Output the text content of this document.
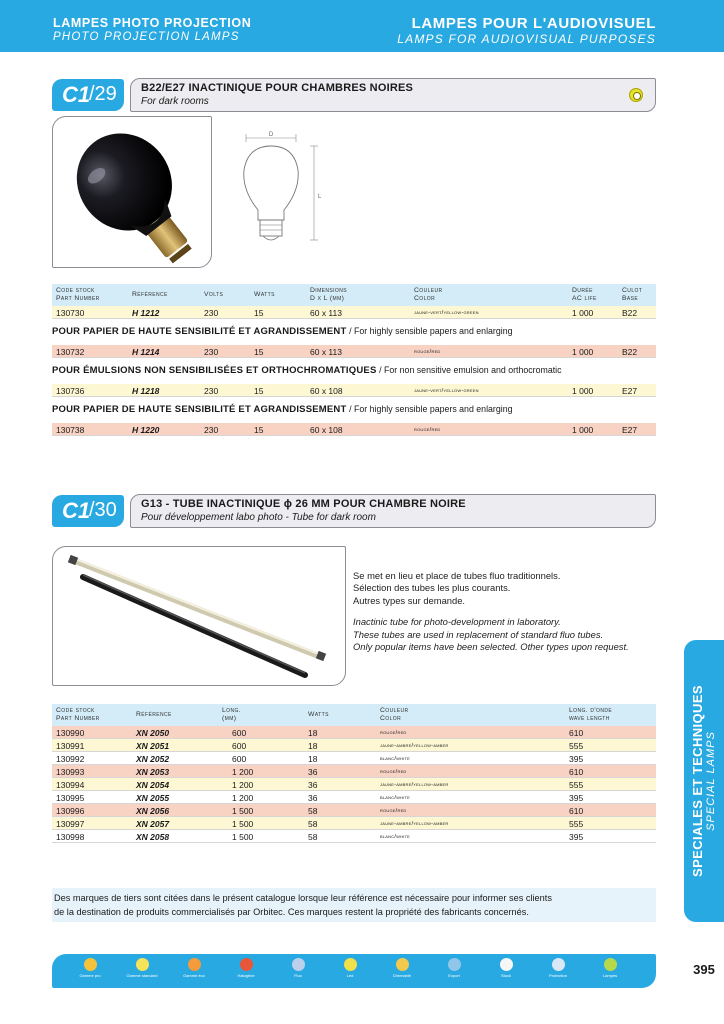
LAMPES PHOTO PROJECTION
PHOTO PROJECTION LAMPS
LAMPES POUR L'AUDIOVISUEL
LAMPS FOR AUDIOVISUAL PURPOSES
C1
/29 B22/E27 INACTINIQUE POUR CHAMBRES NOIRES
For dark rooms
D
L
Code stock
Part Number
Référence	Volts	Watts
Dimensions
D x L (mm)
Couleur
Color
Durée
AC life
Culot
Base
130730	H 1212	230	15	60 x 113	jaune-vert/yellow-green	1 000	B22
POUR PAPIER DE HAUTE SENSIBILITÉ ET AGRANDISSEMENT / For highly sensible papers and enlarging
130732	H 1214	230	15	60 x 113	rouge/red	1 000	B22
POUR ÉMULSIONS NON SENSIBILISÉES ET ORTHOCHROMATIQUES / For non sensitive emulsion and orthocromatic
130736	H 1218	230	15	60 x 108	jaune-vert/yellow-green	1 000	E27
POUR PAPIER DE HAUTE SENSIBILITÉ ET AGRANDISSEMENT / For highly sensible papers and enlarging
130738	H 1220	230	15	60 x 108	rouge/red	1 000	E27
C1
/30 G13 - TUBE INACTINIQUE ϕ 26 MM POUR CHAMBRE NOIRE
Pour développement labo photo - Tube for dark room
Se met en lieu et place de tubes fluo traditionnels.
Sélection des tubes les plus courants.
Autres types sur demande.
Inactinic tube for photo-development in laboratory.
These tubes are used in replacement of standard fluo tubes.
Only popular items have been selected. Other types upon request.
Code stock
Part Number
Référence
Long.
(mm)
Watts
Couleur
Color
Long. d'onde
wave length
130990	XN 2050	600	18	rouge/red	610
130991	XN 2051	600	18	jaune-ambre/yellow-amber	555
130992	XN 2052	600	18	blanc/white	395
130993	XN 2053	1 200	36	rouge/red	610
130994	XN 2054	1 200	36	jaune-ambre/yellow-amber	555
130995	XN 2055	1 200	36	blanc/white	395
130996	XN 2056	1 500	58	rouge/red	610
130997	XN 2057	1 500	58	jaune-ambre/yellow-amber	555
130998	XN 2058	1 500	58	blanc/white	395
Des marques de tiers sont citées dans le présent catalogue lorsque leur référence est nécessaire pour informer ses clients
de la destination de produits commercialisés par Orbitec. Ces marques restent la propriété des fabricants concernés.
Gamme pro	Gamme standard	Gamme éco	Halogène	Fluo	Led	Dimmable	Export	Stock	Protection	Lampes
SPECIALES ET TECHNIQUES SPECIAL LAMPS
395
